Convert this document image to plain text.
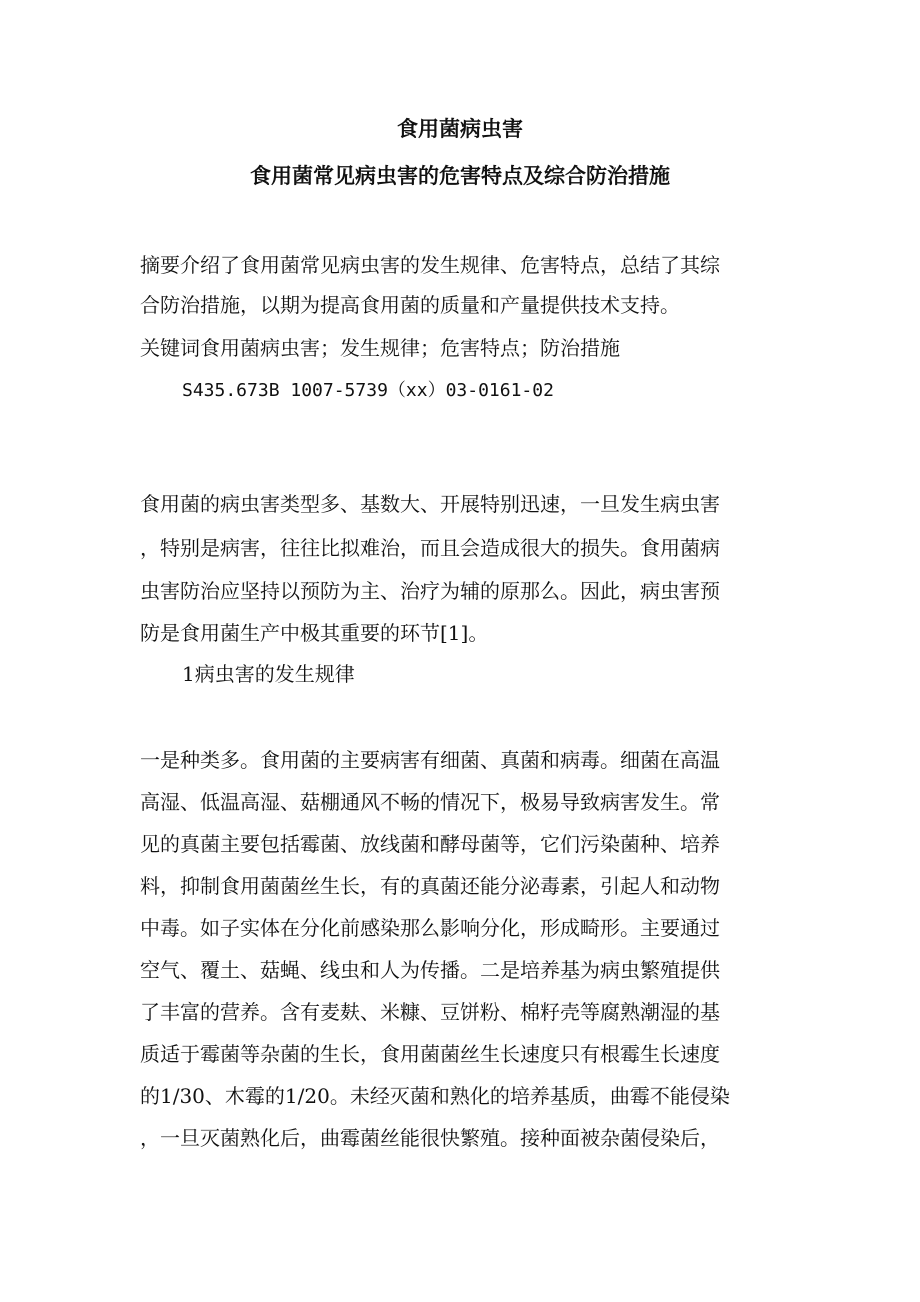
食用菌病虫害
食用菌常见病虫害的危害特点及综合防治措施
摘要介绍了食用菌常见病虫害的发生规律、危害特点，总结了其综
合防治措施，以期为提高食用菌的质量和产量提供技术支持。
关键词食用菌病虫害；发生规律；危害特点；防治措施
S435.673B 1007-5739（xx）03-0161-02
食用菌的病虫害类型多、基数大、开展特别迅速，一旦发生病虫害
，特别是病害，往往比拟难治，而且会造成很大的损失。食用菌病
虫害防治应坚持以预防为主、治疗为辅的原那么。因此，病虫害预
防是食用菌生产中极其重要的环节[1]。
1病虫害的发生规律
一是种类多。食用菌的主要病害有细菌、真菌和病毒。细菌在高温
高湿、低温高湿、菇棚通风不畅的情况下，极易导致病害发生。常
见的真菌主要包括霉菌、放线菌和酵母菌等，它们污染菌种、培养
料，抑制食用菌菌丝生长，有的真菌还能分泌毒素，引起人和动物
中毒。如子实体在分化前感染那么影响分化，形成畸形。主要通过
空气、覆土、菇蝇、线虫和人为传播。二是培养基为病虫繁殖提供
了丰富的营养。含有麦麸、米糠、豆饼粉、棉籽壳等腐熟潮湿的基
质适于霉菌等杂菌的生长，食用菌菌丝生长速度只有根霉生长速度
的1/30、木霉的1/20。未经灭菌和熟化的培养基质，曲霉不能侵染
，一旦灭菌熟化后，曲霉菌丝能很快繁殖。接种面被杂菌侵染后，
